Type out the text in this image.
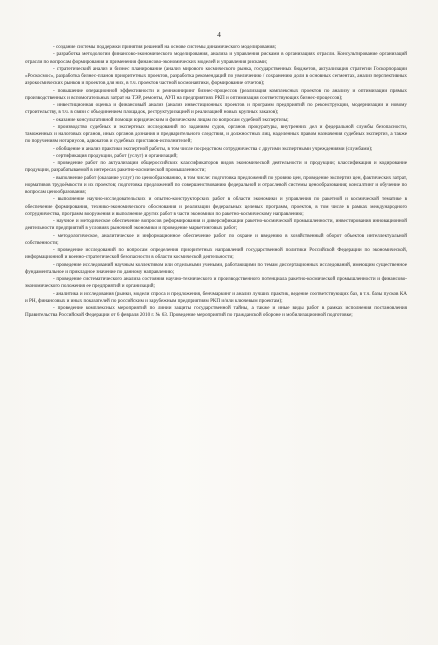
4

- создание системы поддержки принятия решений на основе системы динамического моделирования;

- разработка методологии финансово-экономического моделирования, анализа и управления рисками в организациях отрасли. Консультирование организаций отрасли по вопросам формирования и применения финансово-экономических моделей и управления рисками;

- стратегический анализ и бизнес планирование (анализ мирового космического рынка, государственных бюджетов, актуализация стратегии Госкорпорации «Роскосмос», разработка бизнес-планов приоритетных проектов, разработка рекомендаций по увеличению / сохранению доли в основных сегментах, анализ перспективных аэрокосмических рынков и проектов для них, в т.ч. проектов частной космонавтики, формирование отчетов);

- повышение операционной эффективности и реинжиниринг бизнес-процессов (реализация комплексных проектов по анализу и оптимизации прямых производственных и вспомогательных затрат на ТЭР, ремонты, АУП на предприятиях РКП и оптимизация соответствующих бизнес-процессов);

- инвестиционная оценка и финансовый анализ (анализ инвестиционных проектов и программ предприятий по реконструкции, модернизации и новому строительству, в т.ч. в связи с объединением площадок, реструктуризацией и реализацией новых крупных заказов);

- оказание консультативной помощи юридическим и физическим лицам по вопросам судебной экспертизы;

- производство судебных и экспертных исследований по заданиям судов, органов прокуратуры, внутренних дел и федеральной службы безопасности, таможенных и налоговых органов, иных органов дознания и предварительного следствия, и должностных лиц, наделенных правом назначения судебных экспертиз, а также по поручениям нотариусов, адвокатов и судебных приставов-исполнителей;

- обобщение и анализ практики экспертной работы, в том числе посредством сотрудничества с другими экспертными учреждениями (службами);

- сертификация продукции, работ (услуг) и организаций;

- проведение работ по актуализации общероссийских классификаторов видов экономической деятельности и продукции; классификация и кодирование продукции, разрабатываемой в интересах ракетно-космической промышленности;

- выполнение работ (оказание услуг) по ценообразованию, в том числе: подготовка предложений по уровню цен, проведение экспертиз цен, фактических затрат, нормативов трудоёмкости и их проектов; подготовка предложений по совершенствованию федеральной и отраслевой системы ценообразования; консалтинг и обучение по вопросам ценообразования;

- выполнение научно-исследовательских и опытно-конструкторских работ в области экономики и управления по ракетной и космической тематике в обеспечение формирования, технико-экономического обоснования и реализации федеральных целевых программ, проектов, в том числе в рамках международного сотрудничества, программ вооружения и выполнение других работ в части экономики по ракетно-космическому направлению;

- научное и методическое обеспечение вопросов реформирования и диверсификации ракетно-космической промышленности, инвестирования инновационной деятельности предприятий в условиях рыночной экономики и проведение маркетинговых работ;

- методологическое, аналитическое и информационное обеспечение работ по охране и введению в хозяйственный оборот объектов интеллектуальной собственности;

- проведение исследований по вопросам определения приоритетных направлений государственной политики Российской Федерации по экономической, информационной и военно-стратегической безопасности в области космической деятельности;

- проведение исследований научным коллективом или отдельными учеными, работающими по темам диссертационных исследований, имеющим существенное фундаментальное и прикладное значение по данному направлению;

- проведение систематического анализа состояния научно-технического и производственного потенциала ракетно-космической промышленности и финансово-экономического положения ее предприятий и организаций;

- аналитика и исследования (рынки, модели спроса и предложения, бенчмаркинг и анализ лучших практик, ведение соответствующих баз, в т.ч. базы пусков КА и РН, финансовых и иных показателей по российским и зарубежным предприятиям РКП и/или ключевым проектам);

- проведение комплексных мероприятий по линии защиты государственной тайны, а также и иные виды работ в рамках исполнения постановления Правительства Российской Федерации от 6 февраля 2010 г. № 63. Проведение мероприятий по гражданской обороне и мобилизационной подготовке;
